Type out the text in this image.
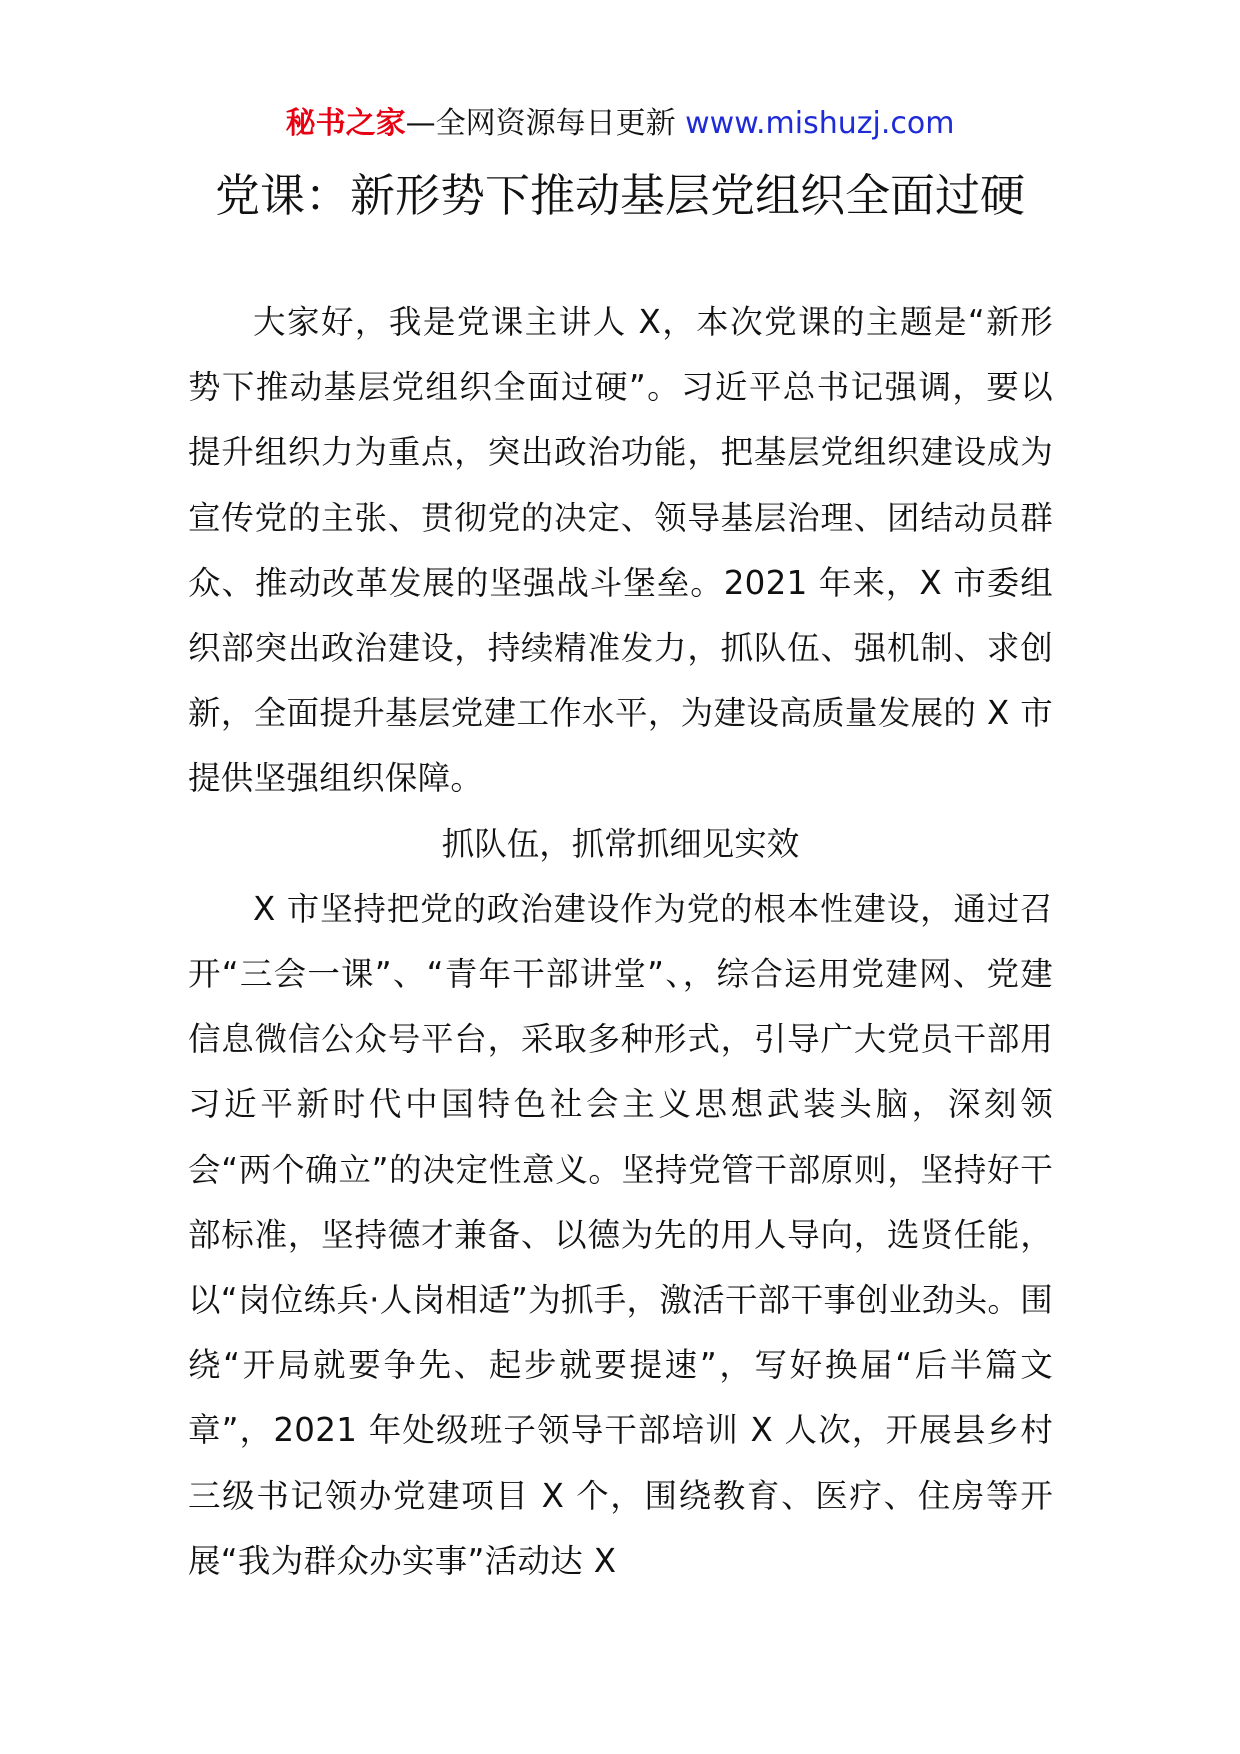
秘书之家—全网资源每日更新 www.mishuzj.com
党课：新形势下推动基层党组织全面过硬

大家好，我是党课主讲人 X，本次党课的主题是“新形势下推动基层党组织全面过硬”。习近平总书记强调，要以提升组织力为重点，突出政治功能，把基层党组织建设成为宣传党的主张、贯彻党的决定、领导基层治理、团结动员群众、推动改革发展的坚强战斗堡垒。2021 年来，X 市委组织部突出政治建设，持续精准发力，抓队伍、强机制、求创新，全面提升基层党建工作水平，为建设高质量发展的 X 市提供坚强组织保障。

抓队伍，抓常抓细见实效

X 市坚持把党的政治建设作为党的根本性建设，通过召开“三会一课”、“青年干部讲堂”、，综合运用党建网、党建信息微信公众号平台，采取多种形式，引导广大党员干部用习近平新时代中国特色社会主义思想武装头脑，深刻领会“两个确立”的决定性意义。坚持党管干部原则，坚持好干部标准，坚持德才兼备、以德为先的用人导向，选贤任能，以“岗位练兵·人岗相适”为抓手，激活干部干事创业劲头。围绕“开局就要争先、起步就要提速”，写好换届“后半篇文章”，2021 年处级班子领导干部培训 X 人次，开展县乡村三级书记领办党建项目 X 个，围绕教育、医疗、住房等开展“我为群众办实事”活动达 X
